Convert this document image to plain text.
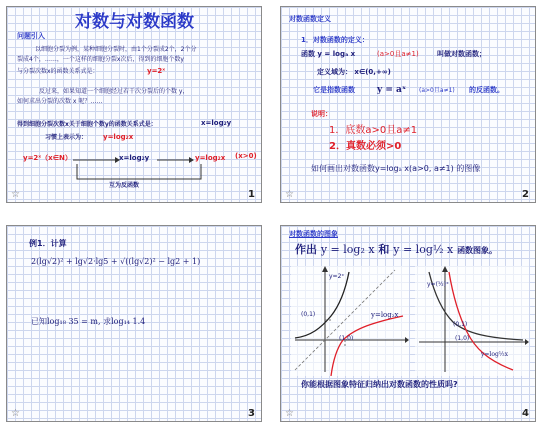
对数与对数函数
问题引入
以细胞分裂为例，某种细胞分裂时，由1个分裂成2个，2个分
裂成4个，……，一个这样的细胞分裂x次后，得到的细胞个数y
与分裂次数x的函数关系式是：	y=2ˣ
反过来，如果知道一个细胞经过若干次分裂后的个数 y，
如何求出分裂的次数 x 呢？……
得到细胞分裂次数x关于细胞个数y的函数关系式是：	x=log₂y
习惯上表示为： y=log₂x
y=2ˣ（x∈N）	x=log₂y	y=log₂x (x>0)
互为反函数
☆	1
对数函数定义
1．对数函数的定义：
函数 y = logₐ x	(a>0且a≠1)	叫做对数函数；
定义域为： x∈(0,+∞)
它是指数函数 y = aˣ (a>0且a≠1) 的反函数。
说明：
1．底数a>0且a≠1
2．真数必须>0
如何画出对数函数y=logₐ x(a>0, a≠1) 的图像
☆	2
例1．计算
2(lg√2)² + lg√2·lg5 + √((lg√2)² − lg2 + 1)
已知log₁₈ 35 = m, 求log₁₄ 1.4
☆	3
对数函数的图象
作出 y = log₂ x 和 y = log½ x 函数图象。
y=2ˣ
y=log₂x
(0,1)
(1,0)
y=(½)ˣ
y=log½x
(0,1)
(1,0)
你能根据图象特征归纳出对数函数的性质吗?
☆	4
